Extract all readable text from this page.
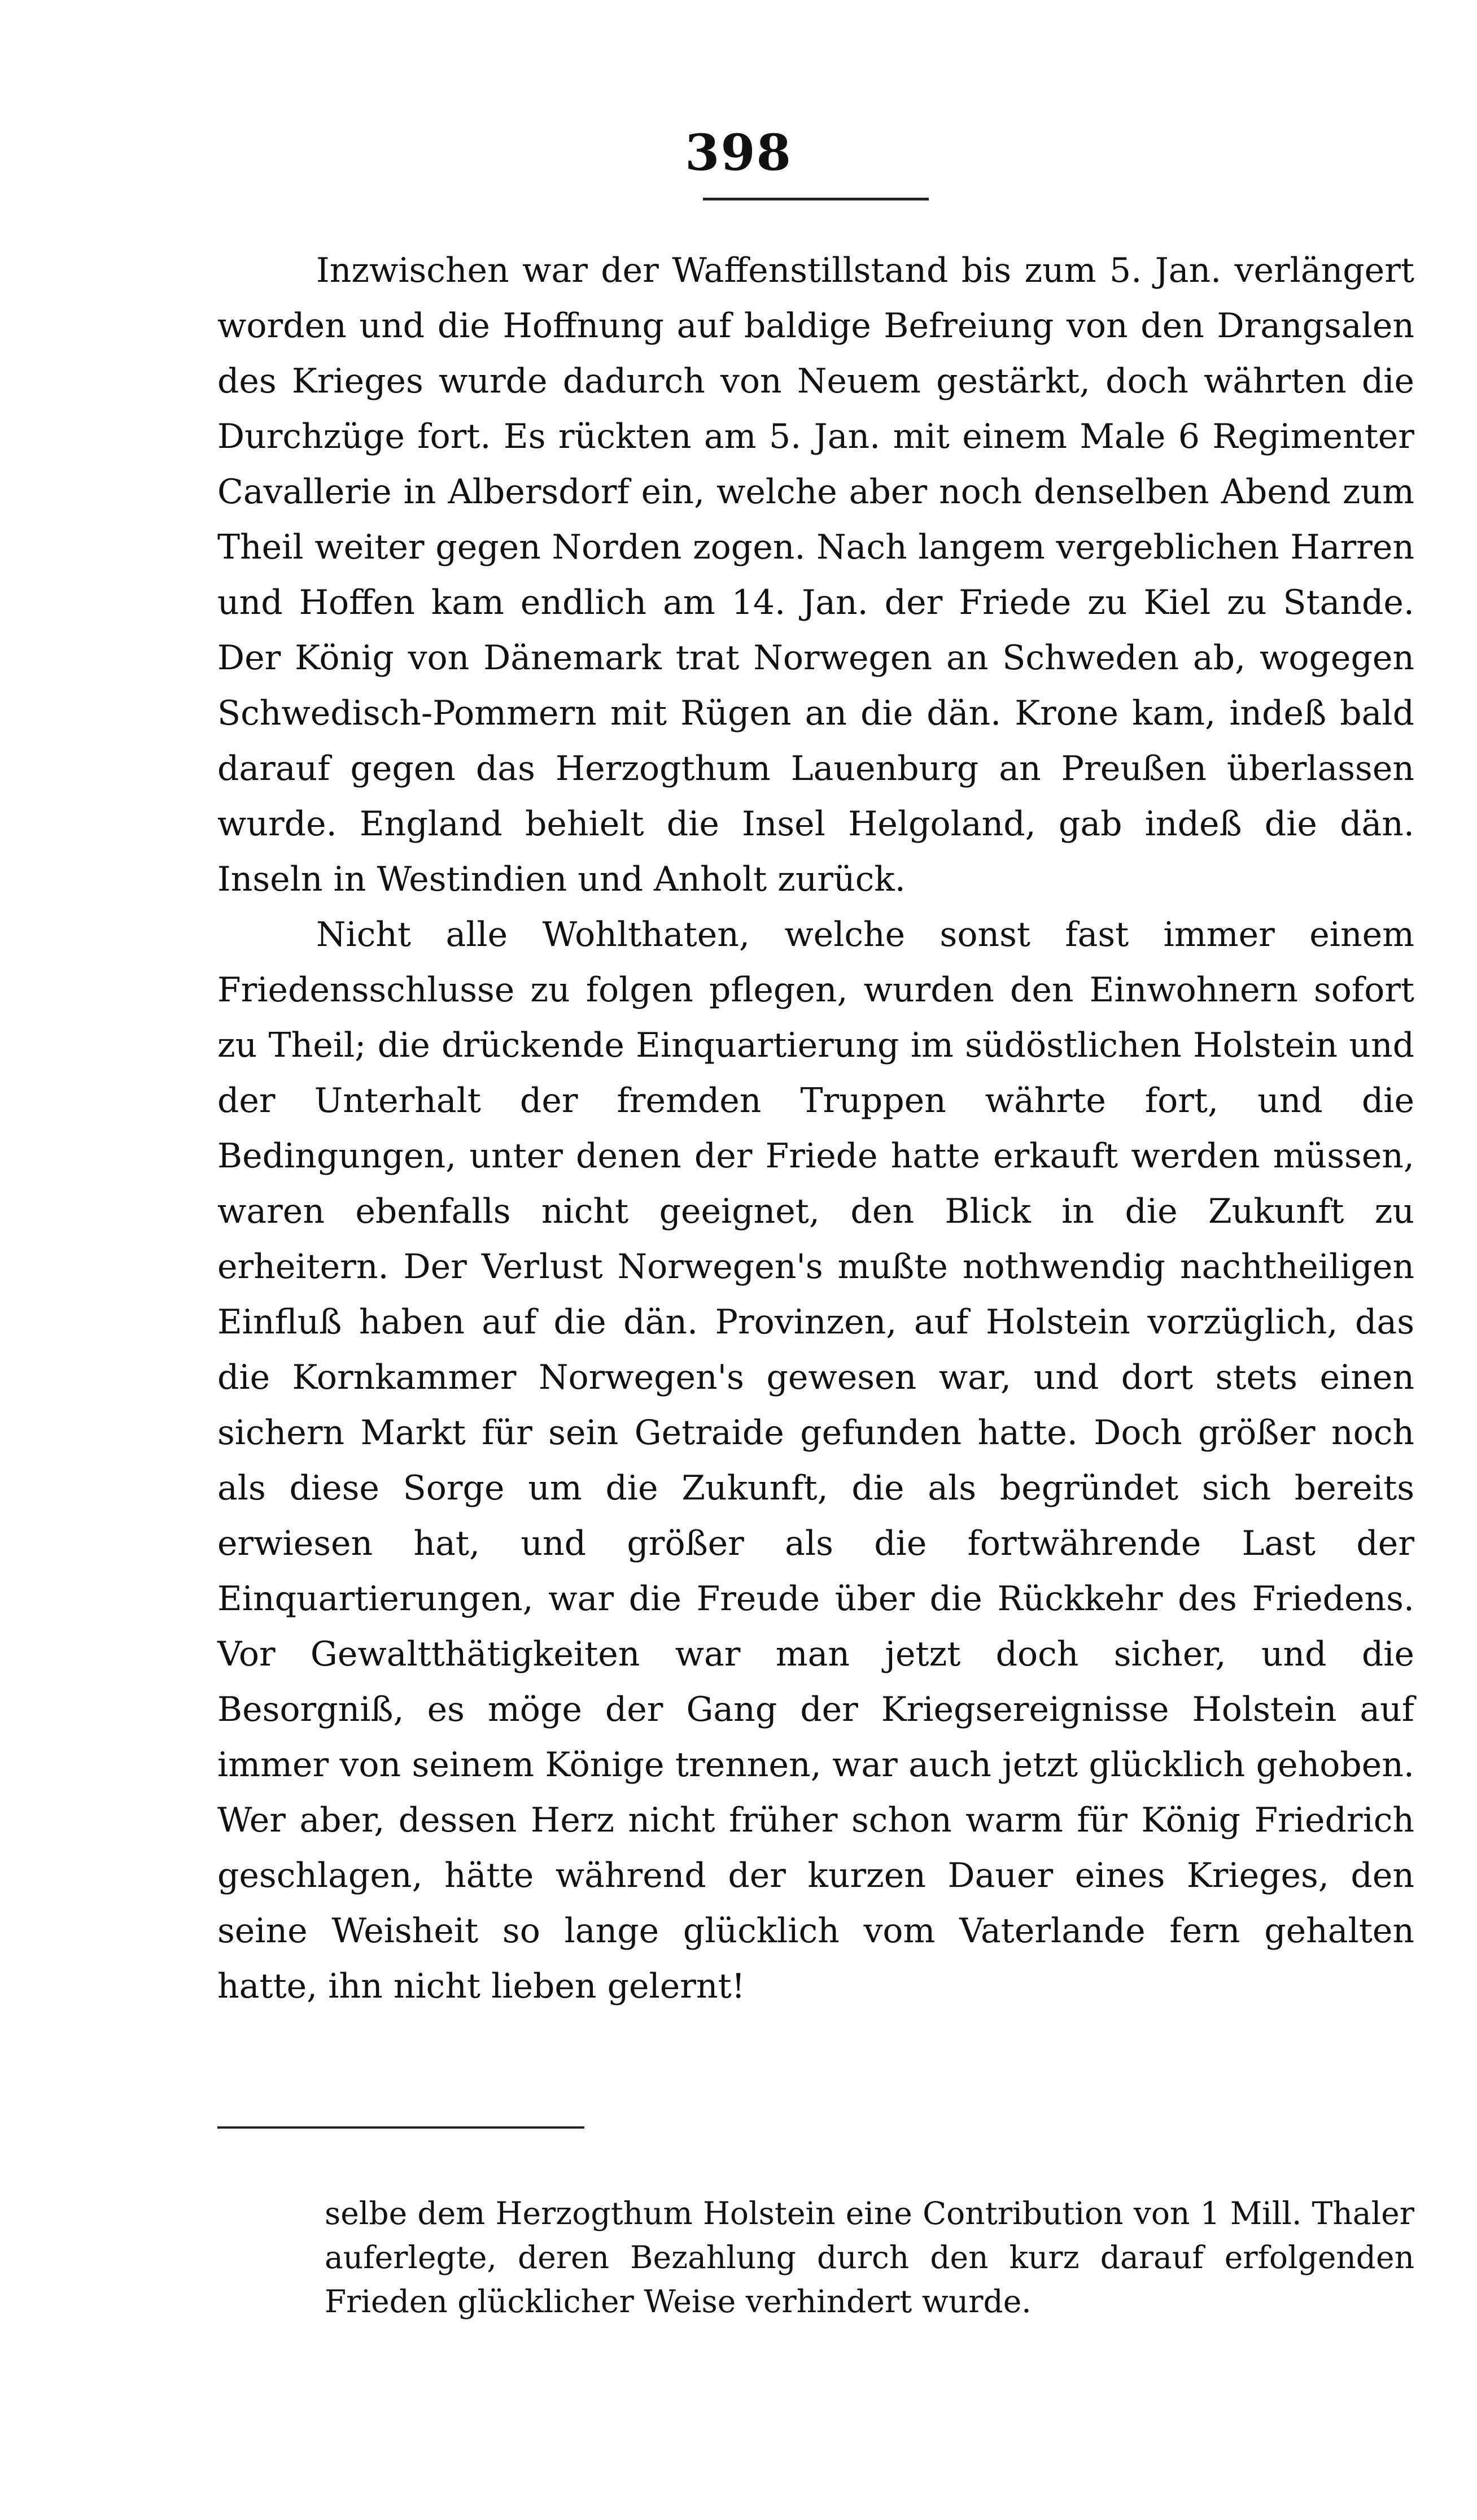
398

Inzwischen war der Waffenstillstand bis zum 5. Jan. verlängert worden und die Hoffnung auf baldige Befreiung von den Drangsalen des Krieges wurde dadurch von Neuem gestärkt, doch währten die Durchzüge fort. Es rückten am 5. Jan. mit einem Male 6 Regimenter Cavallerie in Albersdorf ein, welche aber noch denselben Abend zum Theil weiter gegen Norden zogen. Nach langem vergeblichen Harren und Hoffen kam endlich am 14. Jan. der Friede zu Kiel zu Stande. Der König von Dänemark trat Norwegen an Schweden ab, wogegen Schwedisch-Pommern mit Rügen an die dän. Krone kam, indeß bald darauf gegen das Herzogthum Lauenburg an Preußen überlassen wurde. England behielt die Insel Helgoland, gab indeß die dän. Inseln in Westindien und Anholt zurück.

Nicht alle Wohlthaten, welche sonst fast immer einem Friedensschlusse zu folgen pflegen, wurden den Einwohnern sofort zu Theil; die drückende Einquartierung im südöstlichen Holstein und der Unterhalt der fremden Truppen währte fort, und die Bedingungen, unter denen der Friede hatte erkauft werden müssen, waren ebenfalls nicht geeignet, den Blick in die Zukunft zu erheitern. Der Verlust Norwegen's mußte nothwendig nachtheiligen Einfluß haben auf die dän. Provinzen, auf Holstein vorzüglich, das die Kornkammer Norwegen's gewesen war, und dort stets einen sichern Markt für sein Getraide gefunden hatte. Doch größer noch als diese Sorge um die Zukunft, die als begründet sich bereits erwiesen hat, und größer als die fortwährende Last der Einquartierungen, war die Freude über die Rückkehr des Friedens. Vor Gewaltthätigkeiten war man jetzt doch sicher, und die Besorgniß, es möge der Gang der Kriegsereignisse Holstein auf immer von seinem Könige trennen, war auch jetzt glücklich gehoben. Wer aber, dessen Herz nicht früher schon warm für König Friedrich geschlagen, hätte während der kurzen Dauer eines Krieges, den seine Weisheit so lange glücklich vom Vaterlande fern gehalten hatte, ihn nicht lieben gelernt!

selbe dem Herzogthum Holstein eine Contribution von 1 Mill. Thaler auferlegte, deren Bezahlung durch den kurz darauf erfolgenden Frieden glücklicher Weise verhindert wurde.
